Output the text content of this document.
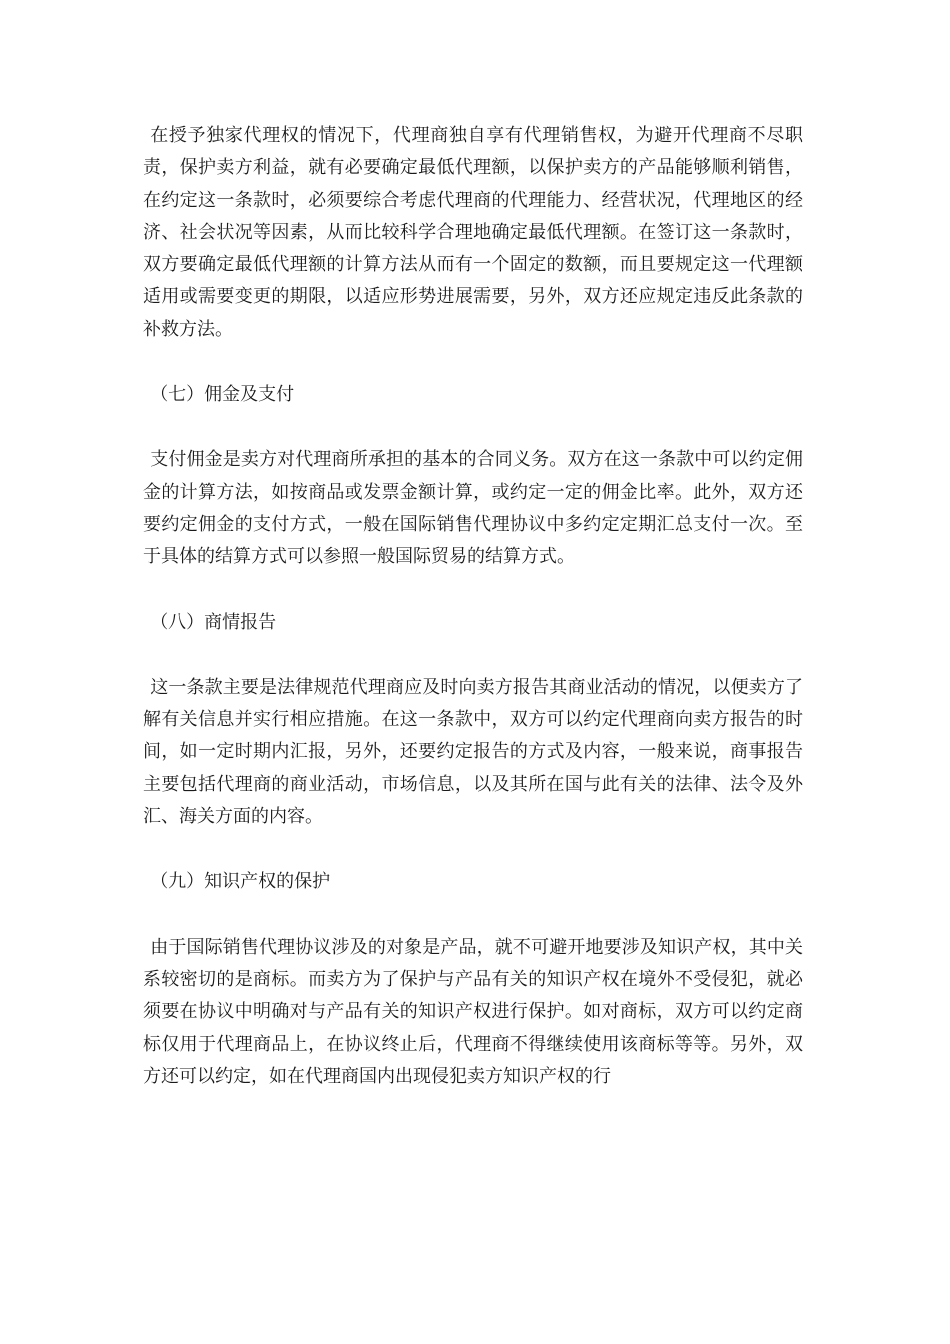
在授予独家代理权的情况下，代理商独自享有代理销售权，为避开代理商不尽职责，保护卖方利益，就有必要确定最低代理额，以保护卖方的产品能够顺利销售，在约定这一条款时，必须要综合考虑代理商的代理能力、经营状况，代理地区的经济、社会状况等因素，从而比较科学合理地确定最低代理额。在签订这一条款时，双方要确定最低代理额的计算方法从而有一个固定的数额，而且要规定这一代理额适用或需要变更的期限，以适应形势进展需要，另外，双方还应规定违反此条款的补救方法。

（七）佣金及支付

支付佣金是卖方对代理商所承担的基本的合同义务。双方在这一条款中可以约定佣金的计算方法，如按商品或发票金额计算，或约定一定的佣金比率。此外，双方还要约定佣金的支付方式，一般在国际销售代理协议中多约定定期汇总支付一次。至于具体的结算方式可以参照一般国际贸易的结算方式。

（八）商情报告

这一条款主要是法律规范代理商应及时向卖方报告其商业活动的情况，以便卖方了解有关信息并实行相应措施。在这一条款中，双方可以约定代理商向卖方报告的时间，如一定时期内汇报，另外，还要约定报告的方式及内容，一般来说，商事报告主要包括代理商的商业活动，市场信息，以及其所在国与此有关的法律、法令及外汇、海关方面的内容。

（九）知识产权的保护

由于国际销售代理协议涉及的对象是产品，就不可避开地要涉及知识产权，其中关系较密切的是商标。而卖方为了保护与产品有关的知识产权在境外不受侵犯，就必须要在协议中明确对与产品有关的知识产权进行保护。如对商标，双方可以约定商标仅用于代理商品上，在协议终止后，代理商不得继续使用该商标等等。另外，双方还可以约定，如在代理商国内出现侵犯卖方知识产权的行
